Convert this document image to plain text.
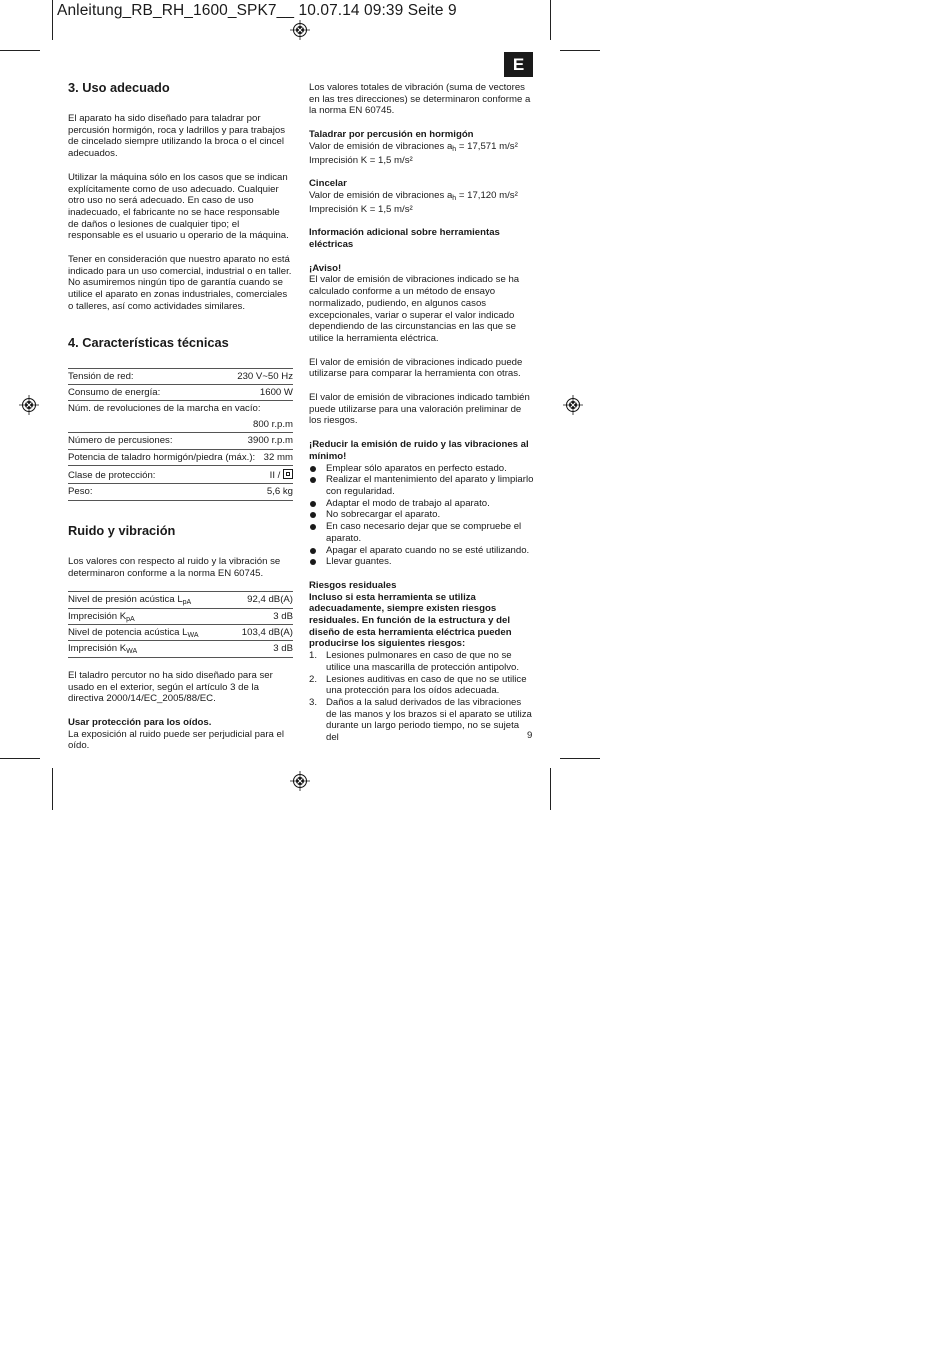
Anleitung_RB_RH_1600_SPK7__ 10.07.14 09:39 Seite 9
E
3. Uso adecuado

El aparato ha sido diseñado para taladrar por percusión hormigón, roca y ladrillos y para trabajos de cincelado siempre utilizando la broca o el cincel adecuados.

Utilizar la máquina sólo en los casos que se indican explícitamente como de uso adecuado. Cualquier otro uso no será adecuado. En caso de uso inadecuado, el fabricante no se hace responsable de daños o lesiones de cualquier tipo; el responsable es el usuario u operario de la máquina.

Tener en consideración que nuestro aparato no está indicado para un uso comercial, industrial o en taller. No asumiremos ningún tipo de garantía cuando se utilice el aparato en zonas industriales, comerciales o talleres, así como actividades similares.

4. Características técnicas
Tensión de red:	230 V~50 Hz
Consumo de energía:	1600 W
Núm. de revoluciones de la marcha en vacío:
800 r.p.m
Número de percusiones:	3900 r.p.m
Potencia de taladro hormigón/piedra (máx.): 32 mm
Clase de protección:	II /
Peso:	5,6 kg
Ruido y vibración

Los valores con respecto al ruido y la vibración se determinaron conforme a la norma EN 60745.

Nivel de presión acústica $L_{pA}$	92,4 dB(A)
Imprecisión $K_{pA}$	3 dB
Nivel de potencia acústica $L_{WA}$	103,4 dB(A)
Imprecisión $K_{WA}$	3 dB

El taladro percutor no ha sido diseñado para ser usado en el exterior, según el artículo 3 de la directiva 2000/14/EC_2005/88/EC.

Usar protección para los oídos.

La exposición al ruido puede ser perjudicial para el oído.

Los valores totales de vibración (suma de vectores en las tres direcciones) se determinaron conforme a la norma EN 60745.

Taladrar por percusión en hormigón

Valor de emisión de vibraciones $a_h = 17,571$ m/s²

Imprecisión K = 1,5 m/s²

Cincelar

Valor de emisión de vibraciones $a_h = 17,120$ m/s²

Imprecisión K = 1,5 m/s²

Información adicional sobre herramientas eléctricas
¡Aviso!

El valor de emisión de vibraciones indicado se ha calculado conforme a un método de ensayo normalizado, pudiendo, en algunos casos excepcionales, variar o superar el valor indicado dependiendo de las circunstancias en las que se utilice la herramienta eléctrica.

El valor de emisión de vibraciones indicado puede utilizarse para comparar la herramienta con otras.

El valor de emisión de vibraciones indicado también puede utilizarse para una valoración preliminar de los riesgos.

¡Reducir la emisión de ruido y las vibraciones al mínimo!
Emplear sólo aparatos en perfecto estado.
Realizar el mantenimiento del aparato y limpiarlo con regularidad.
Adaptar el modo de trabajo al aparato.
No sobrecargar el aparato.
En caso necesario dejar que se compruebe el aparato.
Apagar el aparato cuando no se esté utilizando.
Llevar guantes.
Riesgos residuales
Incluso si esta herramienta se utiliza adecuadamente, siempre existen riesgos residuales. En función de la estructura y del diseño de esta herramienta eléctrica pueden producirse los siguientes riesgos:
1. Lesiones pulmonares en caso de que no se utilice una mascarilla de protección antipolvo.
2. Lesiones auditivas en caso de que no se utilice una protección para los oídos adecuada.
3. Daños a la salud derivados de las vibraciones de las manos y los brazos si el aparato se utiliza durante un largo periodo tiempo, no se sujeta del	9
